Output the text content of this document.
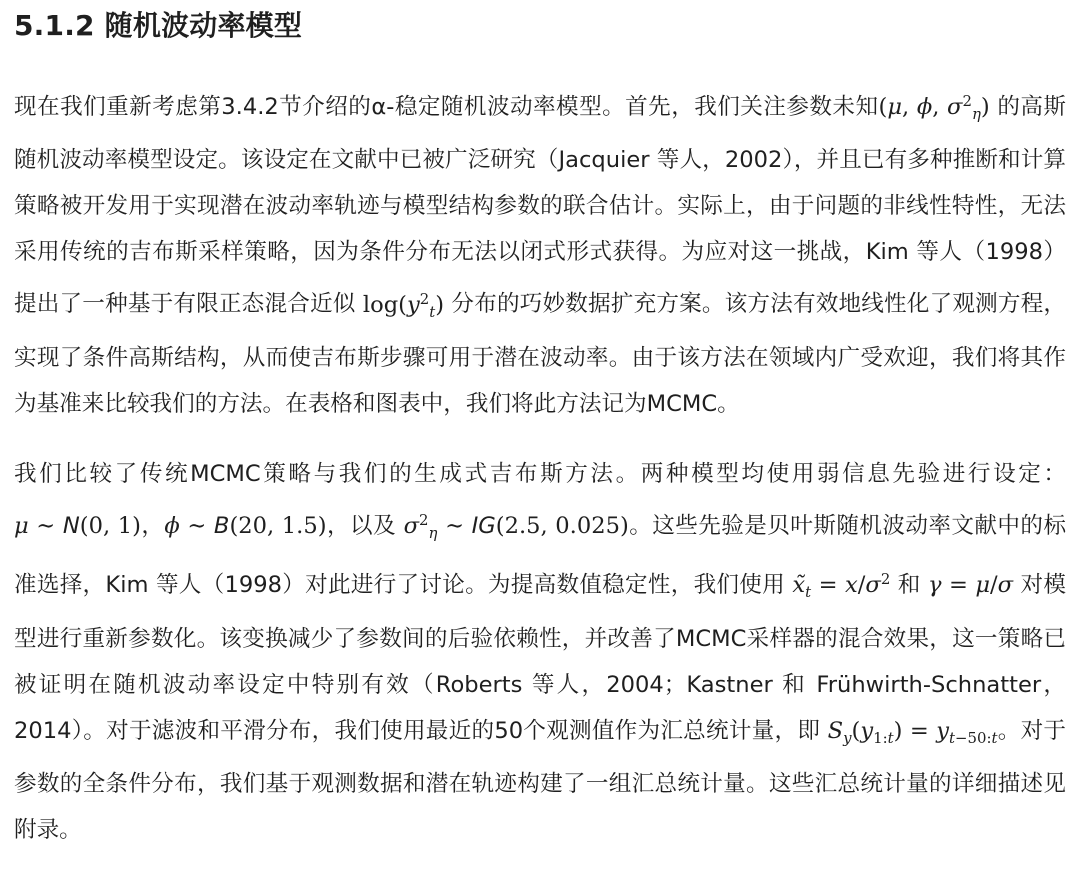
5.1.2 随机波动率模型

现在我们重新考虑第3.4.2节介绍的α-稳定随机波动率模型。首先，我们关注参数未知(μ, ϕ, $\sigma^2_\eta$) 的高斯随机波动率模型设定。该设定在文献中已被广泛研究（Jacquier 等人，2002），并且已有多种推断和计算策略被开发用于实现潜在波动率轨迹与模型结构参数的联合估计。实际上，由于问题的非线性特性，无法采用传统的吉布斯采样策略，因为条件分布无法以闭式形式获得。为应对这一挑战，Kim 等人（1998）提出了一种基于有限正态混合近似 $\log(y^2_t)$ 分布的巧妙数据扩充方案。该方法有效地线性化了观测方程，实现了条件高斯结构，从而使吉布斯步骤可用于潜在波动率。由于该方法在领域内广受欢迎，我们将其作为基准来比较我们的方法。在表格和图表中，我们将此方法记为MCMC。

我们比较了传统MCMC策略与我们的生成式吉布斯方法。两种模型均使用弱信息先验进行设定：μ ∼ N(0, 1)，ϕ ∼ B(20, 1.5)，以及 $\sigma^2_\eta$ ∼ IG(2.5, 0.025)。这些先验是贝叶斯随机波动率文献中的标准选择，Kim 等人（1998）对此进行了讨论。为提高数值稳定性，我们使用 $x̃_t = x/\sigma^2$ 和 γ = μ/σ 对模型进行重新参数化。该变换减少了参数间的后验依赖性，并改善了MCMC采样器的混合效果，这一策略已被证明在随机波动率设定中特别有效（Roberts 等人，2004；Kastner 和 Frühwirth-Schnatter，2014）。对于滤波和平滑分布，我们使用最近的50个观测值作为汇总统计量，即 $S_y(y_{1:t}) = y_{t-50:t}$。对于参数的全条件分布，我们基于观测数据和潜在轨迹构建了一组汇总统计量。这些汇总统计量的详细描述见附录。
